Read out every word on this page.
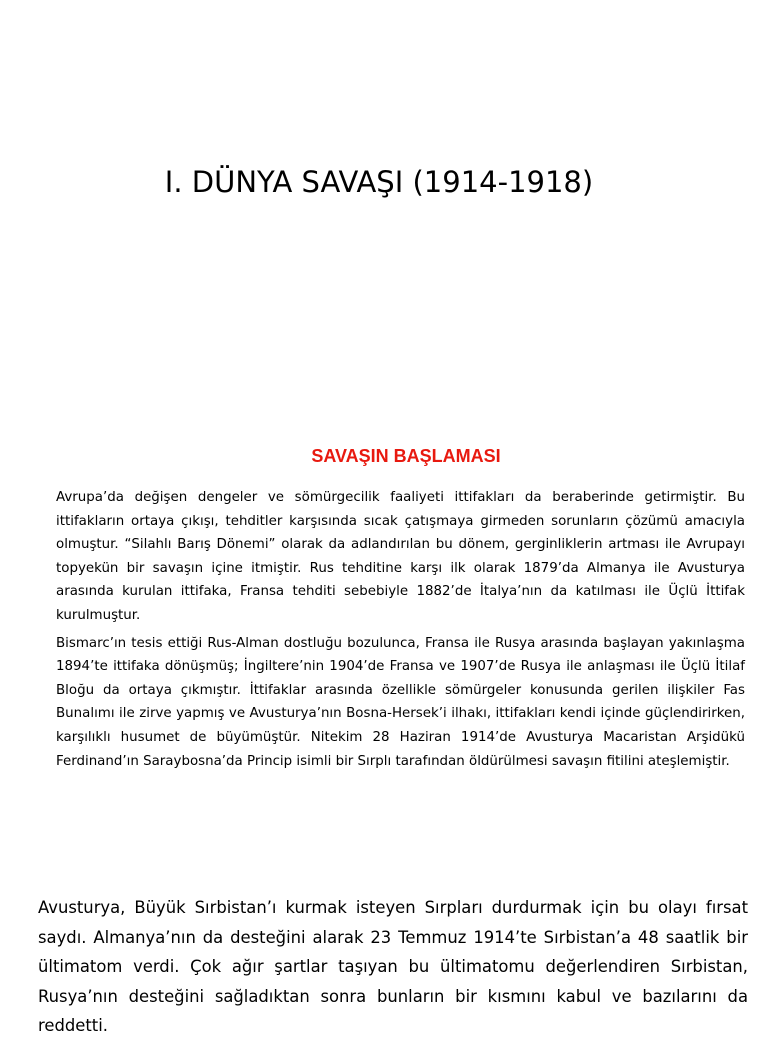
I. DÜNYA SAVAŞI (1914-1918)
SAVAŞIN BAŞLAMASI

Avrupa’da değişen dengeler ve sömürgecilik faaliyeti ittifakları da beraberinde getirmiştir. Bu ittifakların ortaya çıkışı, tehditler karşısında sıcak çatışmaya girmeden sorunların çözümü amacıyla olmuştur. “Silahlı Barış Dönemi” olarak da adlandırılan bu dönem, gerginliklerin artması ile Avrupayı topyekün bir savaşın içine itmiştir. Rus tehditine karşı ilk olarak 1879’da Almanya ile Avusturya arasında kurulan ittifaka, Fransa tehditi sebebiyle 1882’de İtalya’nın da katılması ile Üçlü İttifak kurulmuştur.

Bismarc’ın tesis ettiği Rus-Alman dostluğu bozulunca, Fransa ile Rusya arasında başlayan yakınlaşma 1894’te ittifaka dönüşmüş; İngiltere’nin 1904’de Fransa ve 1907’de Rusya ile anlaşması ile Üçlü İtilaf Bloğu da ortaya çıkmıştır. İttifaklar arasında özellikle sömürgeler konusunda gerilen ilişkiler Fas Bunalımı ile zirve yapmış ve Avusturya’nın Bosna-Hersek’i ilhakı, ittifakları kendi içinde güçlendirirken, karşılıklı husumet de büyümüştür. Nitekim 28 Haziran 1914’de Avusturya Macaristan Arşidükü Ferdinand’ın Saraybosna’da Princip isimli bir Sırplı tarafından öldürülmesi savaşın fitilini ateşlemiştir.

Avusturya, Büyük Sırbistan’ı kurmak isteyen Sırpları durdurmak için bu olayı fırsat saydı. Almanya’nın da desteğini alarak 23 Temmuz 1914’te Sırbistan’a 48 saatlik bir ültimatom verdi. Çok ağır şartlar taşıyan bu ültimatomu değerlendiren Sırbistan, Rusya’nın desteğini sağladıktan sonra bunların bir kısmını kabul ve bazılarını da reddetti.
